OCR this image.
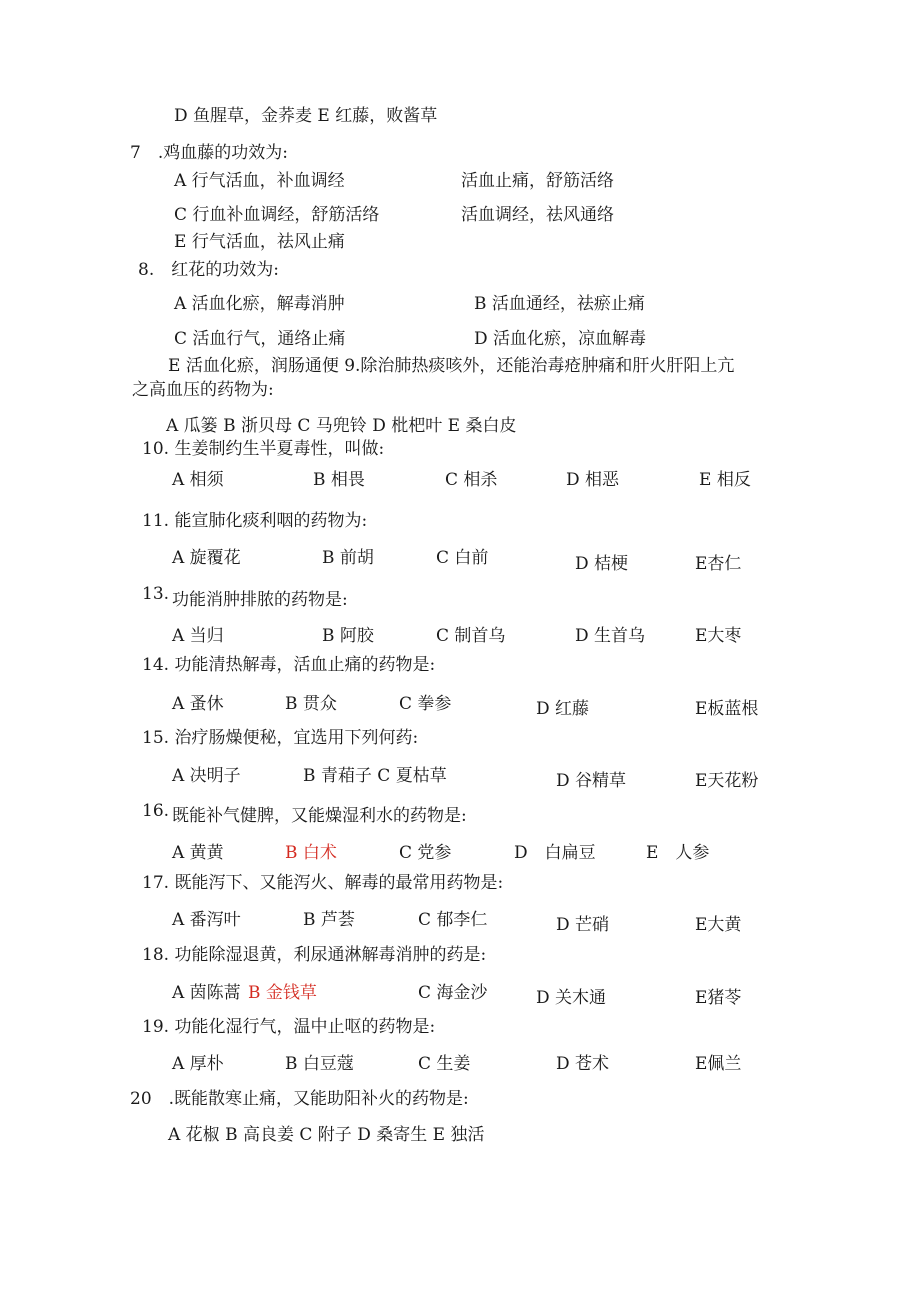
D 鱼腥草，金荞麦 E 红藤，败酱草
7　.鸡血藤的功效为:
A 行气活血，补血调经	活血止痛，舒筋活络
C 行血补血调经，舒筋活络	活血调经，祛风通络
E 行气活血，祛风止痛
8.　红花的功效为:
A 活血化瘀，解毒消肿	B 活血通经，祛瘀止痛
C 活血行气，通络止痛	D 活血化瘀，凉血解毒
E 活血化瘀，润肠通便 9.除治肺热痰咳外，还能治毒疮肿痛和肝火肝阳上亢
之高血压的药物为:
A 瓜篓 B 浙贝母 C 马兜铃 D 枇杷叶 E 桑白皮
10. 生姜制约生半夏毒性，叫做:
A 相须	B 相畏	C 相杀	D 相恶	E 相反
11. 能宣肺化痰利咽的药物为:
A 旋覆花	B 前胡	C 白前	D 桔梗	E杏仁
13. 功能消肿排脓的药物是:
A 当归	B 阿胶	C 制首乌	D 生首乌	E大枣
14. 功能清热解毒，活血止痛的药物是:
A 蚤休	B 贯众	C 拳参	D 红藤	E板蓝根
15. 治疗肠燥便秘，宜选用下列何药:
A 决明子	B 青葙子 C 夏枯草	D 谷精草	E天花粉
16. 既能补气健脾，又能燥湿利水的药物是:
A 黄黄	B 白术	C 党参	D　白扁豆	E　人参
17. 既能泻下、又能泻火、解毒的最常用药物是:
A 番泻叶	B 芦荟	C 郁李仁	D 芒硝	E大黄
18. 功能除湿退黄，利尿通淋解毒消肿的药是:
A 茵陈蒿 B 金钱草	C 海金沙	D 关木通	E猪苓
19. 功能化湿行气，温中止呕的药物是:
A 厚朴	B 白豆蔻	C 生姜	D 苍术	E佩兰
20　.既能散寒止痛，又能助阳补火的药物是:
A 花椒 B 高良姜 C 附子 D 桑寄生 E 独活
